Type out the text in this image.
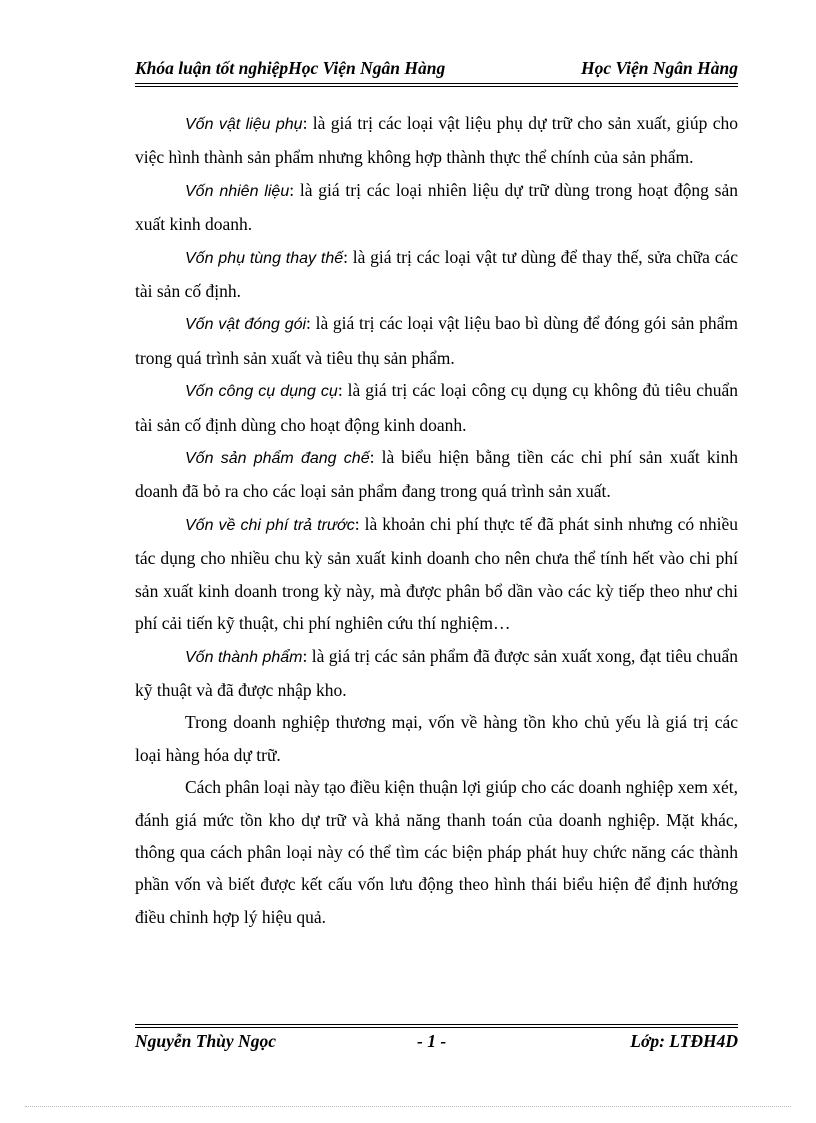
Khóa luận tốt nghiệpHọc Viện Ngân Hàng	Học Viện Ngân Hàng

Vốn vật liệu phụ: là giá trị các loại vật liệu phụ dự trữ cho sản xuất, giúp cho việc hình thành sản phẩm nhưng không hợp thành thực thể chính của sản phẩm.

Vốn nhiên liệu: là giá trị các loại nhiên liệu dự trữ dùng trong hoạt động sản xuất kinh doanh.

Vốn phụ tùng thay thế: là giá trị các loại vật tư dùng để thay thế, sửa chữa các tài sản cố định.

Vốn vật đóng gói: là giá trị các loại vật liệu bao bì dùng để đóng gói sản phẩm trong quá trình sản xuất và tiêu thụ sản phẩm.

Vốn công cụ dụng cụ: là giá trị các loại công cụ dụng cụ không đủ tiêu chuẩn tài sản cố định dùng cho hoạt động kinh doanh.

Vốn sản phẩm đang chế: là biểu hiện bằng tiền các chi phí sản xuất kinh doanh đã bỏ ra cho các loại sản phẩm đang trong quá trình sản xuất.

Vốn về chi phí trả trước: là khoản chi phí thực tế đã phát sinh nhưng có nhiều tác dụng cho nhiều chu kỳ sản xuất kinh doanh cho nên chưa thể tính hết vào chi phí sản xuất kinh doanh trong kỳ này, mà được phân bổ dần vào các kỳ tiếp theo như chi phí cải tiến kỹ thuật, chi phí nghiên cứu thí nghiệm…

Vốn thành phẩm: là giá trị các sản phẩm đã được sản xuất xong, đạt tiêu chuẩn kỹ thuật và đã được nhập kho.

Trong doanh nghiệp thương mại, vốn về hàng tồn kho chủ yếu là giá trị các loại hàng hóa dự trữ.

Cách phân loại này tạo điều kiện thuận lợi giúp cho các doanh nghiệp xem xét, đánh giá mức tồn kho dự trữ và khả năng thanh toán của doanh nghiệp. Mặt khác, thông qua cách phân loại này có thể tìm các biện pháp phát huy chức năng các thành phần vốn và biết được kết cấu vốn lưu động theo hình thái biểu hiện để định hướng điều chỉnh hợp lý hiệu quả.

Nguyễn Thùy Ngọc	- 1 -	Lớp: LTĐH4D
